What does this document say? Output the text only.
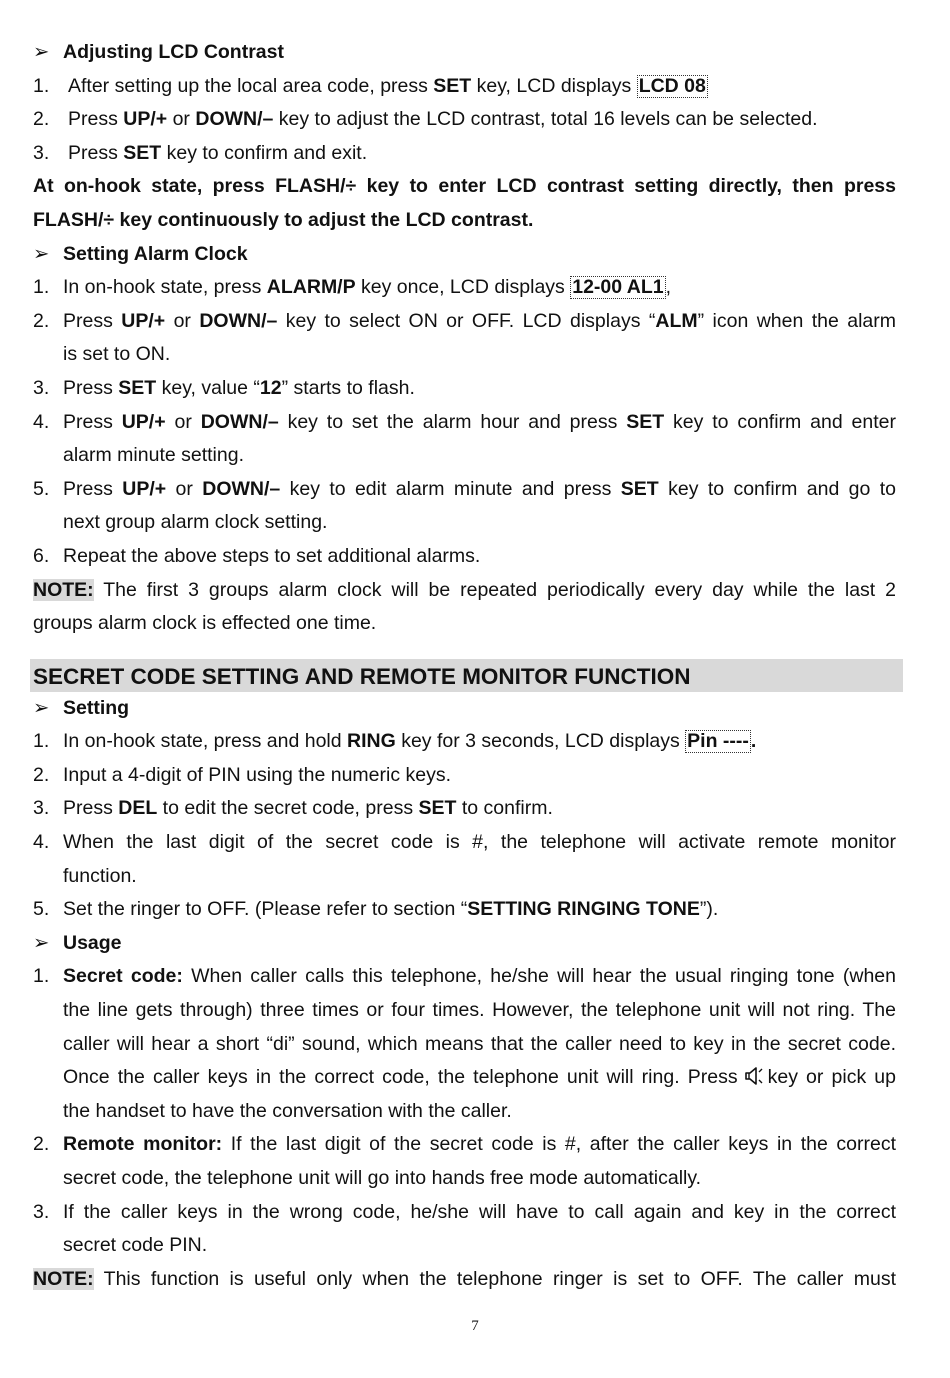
➢ Adjusting LCD Contrast
1. After setting up the local area code, press SET key, LCD displays LCD 08
2. Press UP/+ or DOWN/– key to adjust the LCD contrast, total 16 levels can be selected.
3. Press SET key to confirm and exit.
At on-hook state, press FLASH/÷ key to enter LCD contrast setting directly, then press
FLASH/÷ key continuously to adjust the LCD contrast.
➢ Setting Alarm Clock
1. In on-hook state, press ALARM/P key once, LCD displays 12-00 AL1 ,
2. Press UP/+ or DOWN/– key to select ON or OFF. LCD displays “ALM” icon when the alarm
is set to ON.
3. Press SET key, value “12” starts to flash.
4. Press UP/+ or DOWN/– key to set the alarm hour and press SET key to confirm and enter
alarm minute setting.
5. Press UP/+ or DOWN/– key to edit alarm minute and press SET key to confirm and go to
next group alarm clock setting.
6. Repeat the above steps to set additional alarms.
NOTE: The first 3 groups alarm clock will be repeated periodically every day while the last 2
groups alarm clock is effected one time.
SECRET CODE SETTING AND REMOTE MONITOR FUNCTION
➢ Setting
1. In on-hook state, press and hold RING key for 3 seconds, LCD displays Pin ---- .
2. Input a 4-digit of PIN using the numeric keys.
3. Press DEL to edit the secret code, press SET to confirm.
4. When the last digit of the secret code is #, the telephone will activate remote monitor
function.
5. Set the ringer to OFF. (Please refer to section “SETTING RINGING TONE”).
➢ Usage
1. Secret code: When caller calls this telephone, he/she will hear the usual ringing tone (when
the line gets through) three times or four times. However, the telephone unit will not ring. The
caller will hear a short “di” sound, which means that the caller need to key in the secret code.
Once the caller keys in the correct code, the telephone unit will ring. Press key or pick up
the handset to have the conversation with the caller.
2. Remote monitor: If the last digit of the secret code is #, after the caller keys in the correct
secret code, the telephone unit will go into hands free mode automatically.
3. If the caller keys in the wrong code, he/she will have to call again and key in the correct
secret code PIN.
NOTE: This function is useful only when the telephone ringer is set to OFF. The caller must
7
